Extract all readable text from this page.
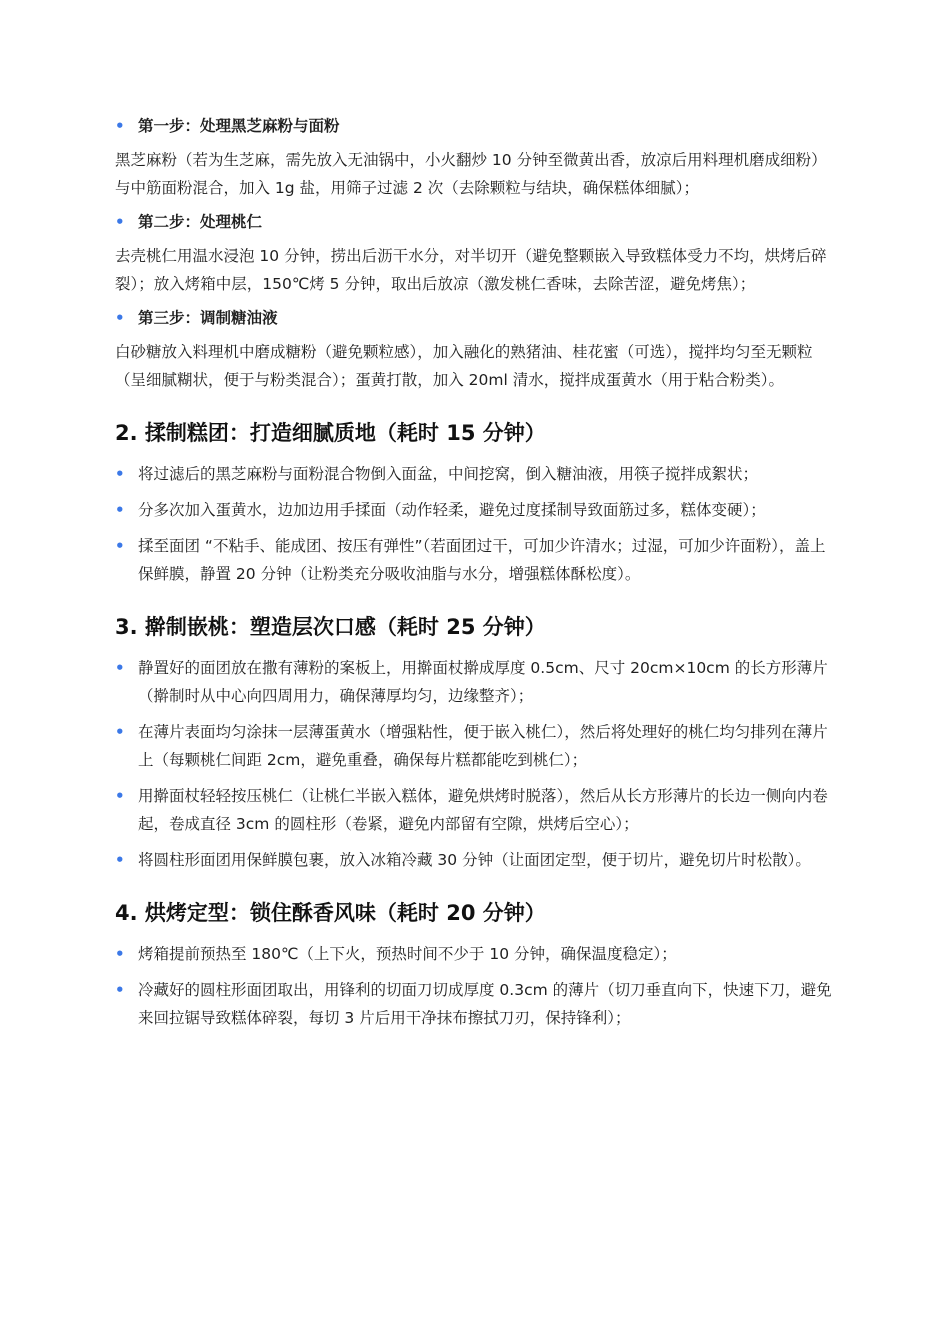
• 第一步：处理黑芝麻粉与面粉

黑芝麻粉（若为生芝麻，需先放入无油锅中，小火翻炒 10 分钟至微黄出香，放凉后用料理机磨成细粉）与中筋面粉混合，加入 1g 盐，用筛子过滤 2 次（去除颗粒与结块，确保糕体细腻）；

• 第二步：处理桃仁

去壳桃仁用温水浸泡 10 分钟，捞出后沥干水分，对半切开（避免整颗嵌入导致糕体受力不均，烘烤后碎裂）；放入烤箱中层，150℃烤 5 分钟，取出后放凉（激发桃仁香味，去除苦涩，避免烤焦）；

• 第三步：调制糖油液

白砂糖放入料理机中磨成糖粉（避免颗粒感），加入融化的熟猪油、桂花蜜（可选），搅拌均匀至无颗粒（呈细腻糊状，便于与粉类混合）；蛋黄打散，加入 20ml 清水，搅拌成蛋黄水（用于粘合粉类）。

2. 揉制糕团：打造细腻质地（耗时 15 分钟）
• 将过滤后的黑芝麻粉与面粉混合物倒入面盆，中间挖窝，倒入糖油液，用筷子搅拌成絮状；
• 分多次加入蛋黄水，边加边用手揉面（动作轻柔，避免过度揉制导致面筋过多，糕体变硬）；
• 揉至面团 “不粘手、能成团、按压有弹性”（若面团过干，可加少许清水；过湿，可加少许面粉），盖上保鲜膜，静置 20 分钟（让粉类充分吸收油脂与水分，增强糕体酥松度）。
3. 擀制嵌桃：塑造层次口感（耗时 25 分钟）
• 静置好的面团放在撒有薄粉的案板上，用擀面杖擀成厚度 0.5cm、尺寸 20cm×10cm 的长方形薄片（擀制时从中心向四周用力，确保薄厚均匀，边缘整齐）；
• 在薄片表面均匀涂抹一层薄蛋黄水（增强粘性，便于嵌入桃仁），然后将处理好的桃仁均匀排列在薄片上（每颗桃仁间距 2cm，避免重叠，确保每片糕都能吃到桃仁）；
• 用擀面杖轻轻按压桃仁（让桃仁半嵌入糕体，避免烘烤时脱落），然后从长方形薄片的长边一侧向内卷起，卷成直径 3cm 的圆柱形（卷紧，避免内部留有空隙，烘烤后空心）；
• 将圆柱形面团用保鲜膜包裹，放入冰箱冷藏 30 分钟（让面团定型，便于切片，避免切片时松散）。
4. 烘烤定型：锁住酥香风味（耗时 20 分钟）
• 烤箱提前预热至 180℃（上下火，预热时间不少于 10 分钟，确保温度稳定）；
• 冷藏好的圆柱形面团取出，用锋利的切面刀切成厚度 0.3cm 的薄片（切刀垂直向下，快速下刀，避免来回拉锯导致糕体碎裂，每切 3 片后用干净抹布擦拭刀刃，保持锋利）；
